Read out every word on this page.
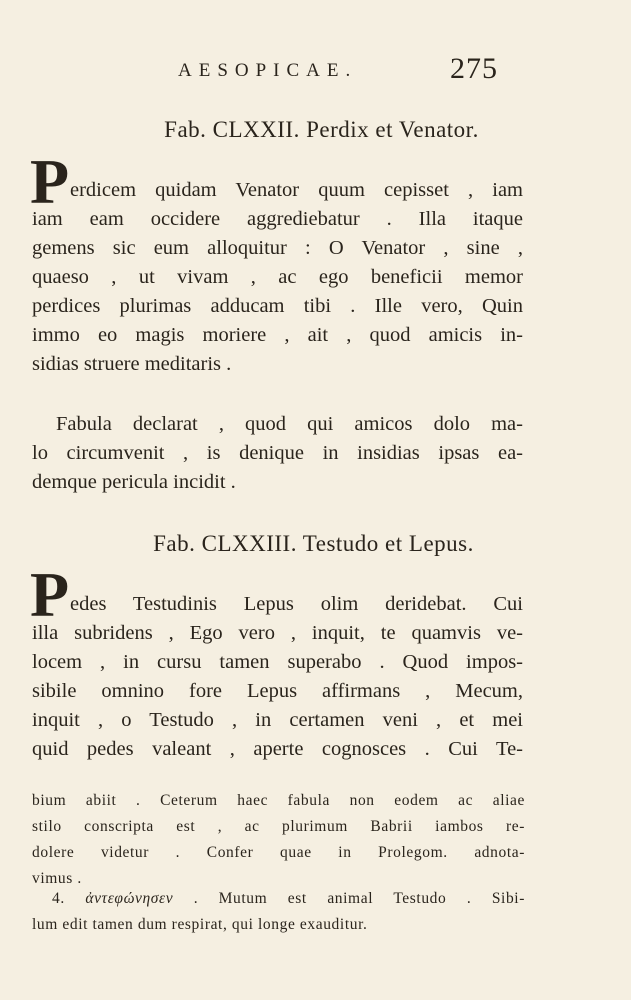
AESOPICAE.	275
Fab. CLXXII. Perdix et Venator.
P erdicem quidam Venator quum cepisset , iam
iam eam occidere aggrediebatur . Illa itaque
gemens sic eum alloquitur : O Venator , sine ,
quaeso , ut vivam , ac ego beneficii memor
perdices plurimas adducam tibi . Ille vero, Quin
immo eo magis moriere , ait , quod amicis in-
sidias struere meditaris .
Fabula declarat , quod qui amicos dolo ma-
lo circumvenit , is denique in insidias ipsas ea-
demque pericula incidit .
Fab. CLXXIII. Testudo et Lepus.
P edes Testudinis Lepus olim deridebat. Cui
illa subridens , Ego vero , inquit, te quamvis ve-
locem , in cursu tamen superabo . Quod impos-
sibile omnino fore Lepus affirmans , Mecum,
inquit , o Testudo , in certamen veni , et mei
quid pedes valeant , aperte cognosces . Cui Te-
bium abiit . Ceterum haec fabula non eodem ac aliae
stilo conscripta est , ac plurimum Babrii iambos re-
dolere videtur . Confer quae in Prolegom. adnota-
vimus .
4. ἀντεφώνησεν . Mutum est animal Testudo . Sibi-
lum edit tamen dum respirat, qui longe exauditur.
